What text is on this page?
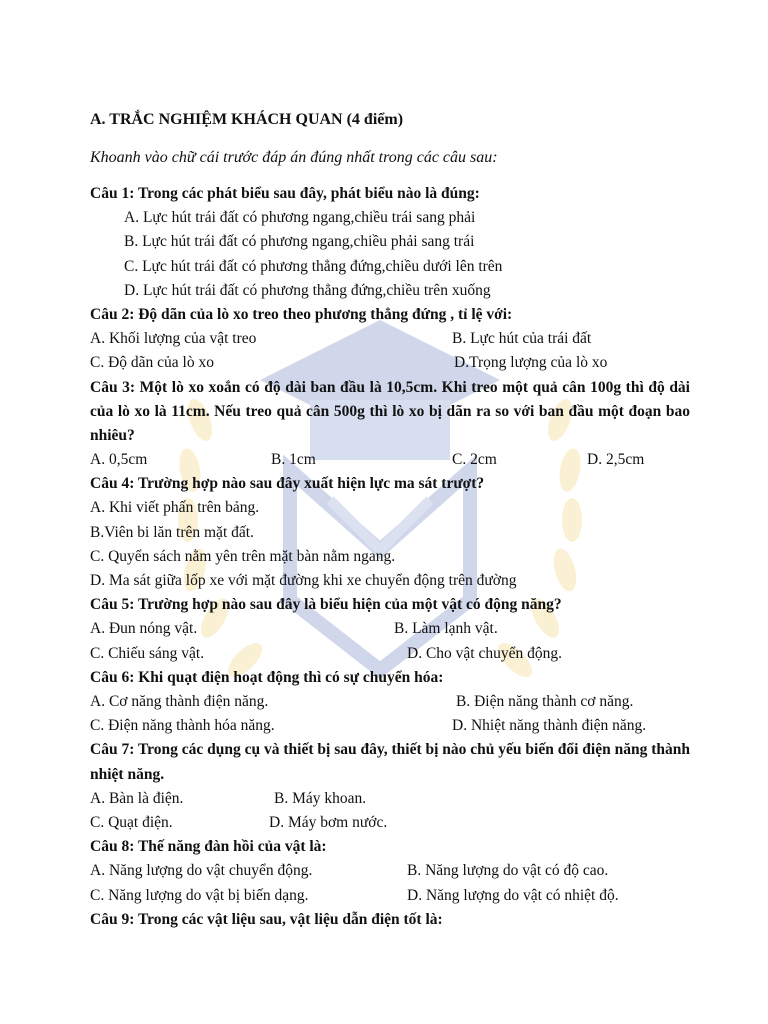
A. TRẮC NGHIỆM KHÁCH QUAN (4 điểm)
Khoanh vào chữ cái trước đáp án đúng nhất trong các câu sau:
Câu 1: Trong các phát biểu sau đây, phát biểu nào là đúng:
A. Lực hút trái đất có phương ngang,chiều trái sang phải
B. Lực hút trái đất có phương ngang,chiều phải sang trái
C. Lực hút trái đất có phương thẳng đứng,chiều dưới lên trên
D. Lực hút trái đất có phương thẳng đứng,chiều trên xuống
Câu 2: Độ dãn của lò xo treo theo phương thẳng đứng , tỉ lệ với:
A. Khối lượng của vật treo	B. Lực hút của trái đất
C. Độ dãn của lò xo	D.Trọng lượng của lò xo
Câu 3: Một lò xo xoắn có độ dài ban đầu là 10,5cm. Khi treo một quả cân 100g thì độ dài của lò xo là 11cm. Nếu treo quả cân 500g thì lò xo bị dãn ra so với ban đầu một đoạn bao nhiêu?
A. 0,5cm	B. 1cm	C. 2cm	D. 2,5cm
Câu 4: Trường hợp nào sau đây xuất hiện lực ma sát trượt?
A. Khi viết phấn trên bảng.
B.Viên bi lăn trên mặt đất.
C. Quyển sách nằm yên trên mặt bàn nằm ngang.
D. Ma sát giữa lốp xe với mặt đường khi xe chuyển động trên đường
Câu 5: Trường hợp nào sau đây là biểu hiện của một vật có động năng?
A. Đun nóng vật.	B. Làm lạnh vật.
C. Chiếu sáng vật.	D. Cho vật chuyển động.
Câu 6: Khi quạt điện hoạt động thì có sự chuyển hóa:
A. Cơ năng thành điện năng.	B. Điện năng thành cơ năng.
C. Điện năng thành hóa năng.	D. Nhiệt năng thành điện năng.
Câu 7: Trong các dụng cụ và thiết bị sau đây, thiết bị nào chủ yếu biến đổi điện năng thành nhiệt năng.
A. Bàn là điện.	B. Máy khoan.
C. Quạt điện.	D. Máy bơm nước.
Câu 8: Thế năng đàn hồi của vật là:
A. Năng lượng do vật chuyển động.	B. Năng lượng do vật có độ cao.
C. Năng lượng do vật bị biến dạng.	D. Năng lượng do vật có nhiệt độ.
Câu 9: Trong các vật liệu sau, vật liệu dẫn điện tốt là:
